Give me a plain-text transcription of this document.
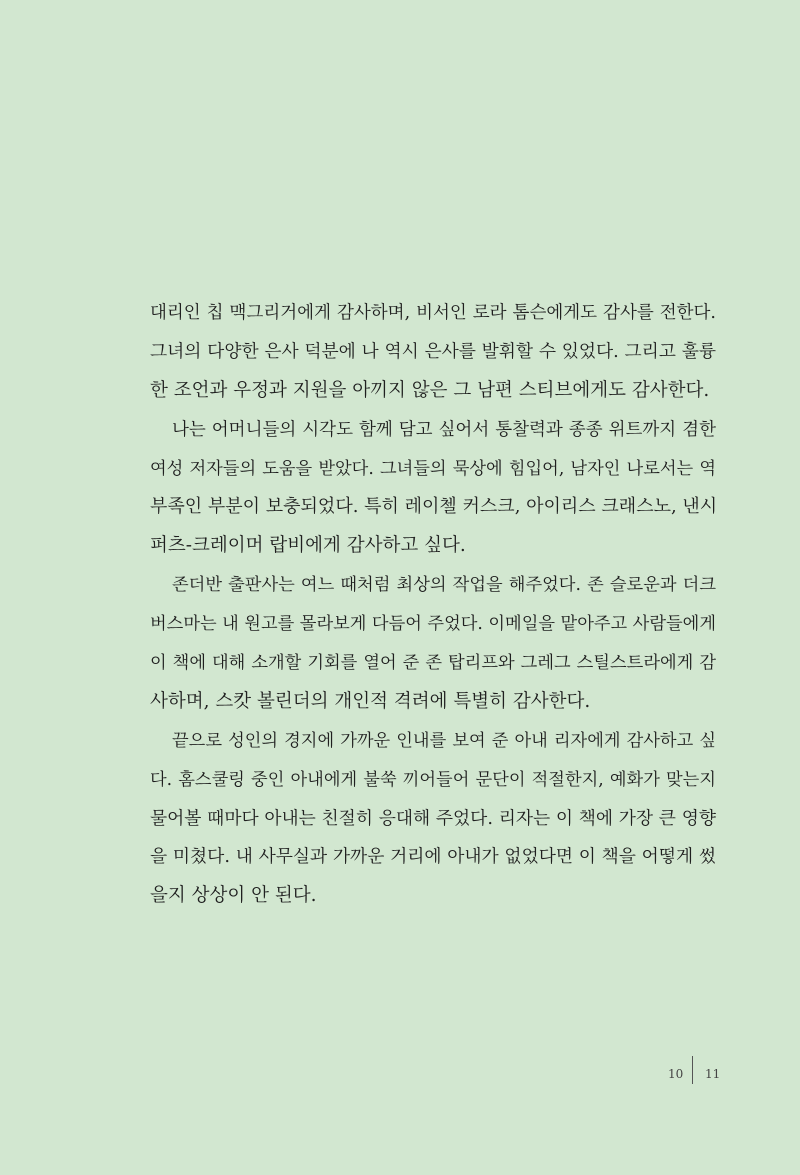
대리인 칩 맥그리거에게 감사하며, 비서인 로라 톰슨에게도 감사를 전한다.
그녀의 다양한 은사 덕분에 나 역시 은사를 발휘할 수 있었다. 그리고 훌륭
한 조언과 우정과 지원을 아끼지 않은 그 남편 스티브에게도 감사한다.
나는 어머니들의 시각도 함께 담고 싶어서 통찰력과 종종 위트까지 겸한
여성 저자들의 도움을 받았다. 그녀들의 묵상에 힘입어, 남자인 나로서는 역
부족인 부분이 보충되었다. 특히 레이첼 커스크, 아이리스 크래스노, 낸시
퍼츠-크레이머 랍비에게 감사하고 싶다.
존더반 출판사는 여느 때처럼 최상의 작업을 해주었다. 존 슬로운과 더크
버스마는 내 원고를 몰라보게 다듬어 주었다. 이메일을 맡아주고 사람들에게
이 책에 대해 소개할 기회를 열어 준 존 탑리프와 그레그 스틸스트라에게 감
사하며, 스캇 볼린더의 개인적 격려에 특별히 감사한다.
끝으로 성인의 경지에 가까운 인내를 보여 준 아내 리자에게 감사하고 싶
다. 홈스쿨링 중인 아내에게 불쑥 끼어들어 문단이 적절한지, 예화가 맞는지
물어볼 때마다 아내는 친절히 응대해 주었다. 리자는 이 책에 가장 큰 영향
을 미쳤다. 내 사무실과 가까운 거리에 아내가 없었다면 이 책을 어떻게 썼
을지 상상이 안 된다.
10 11
